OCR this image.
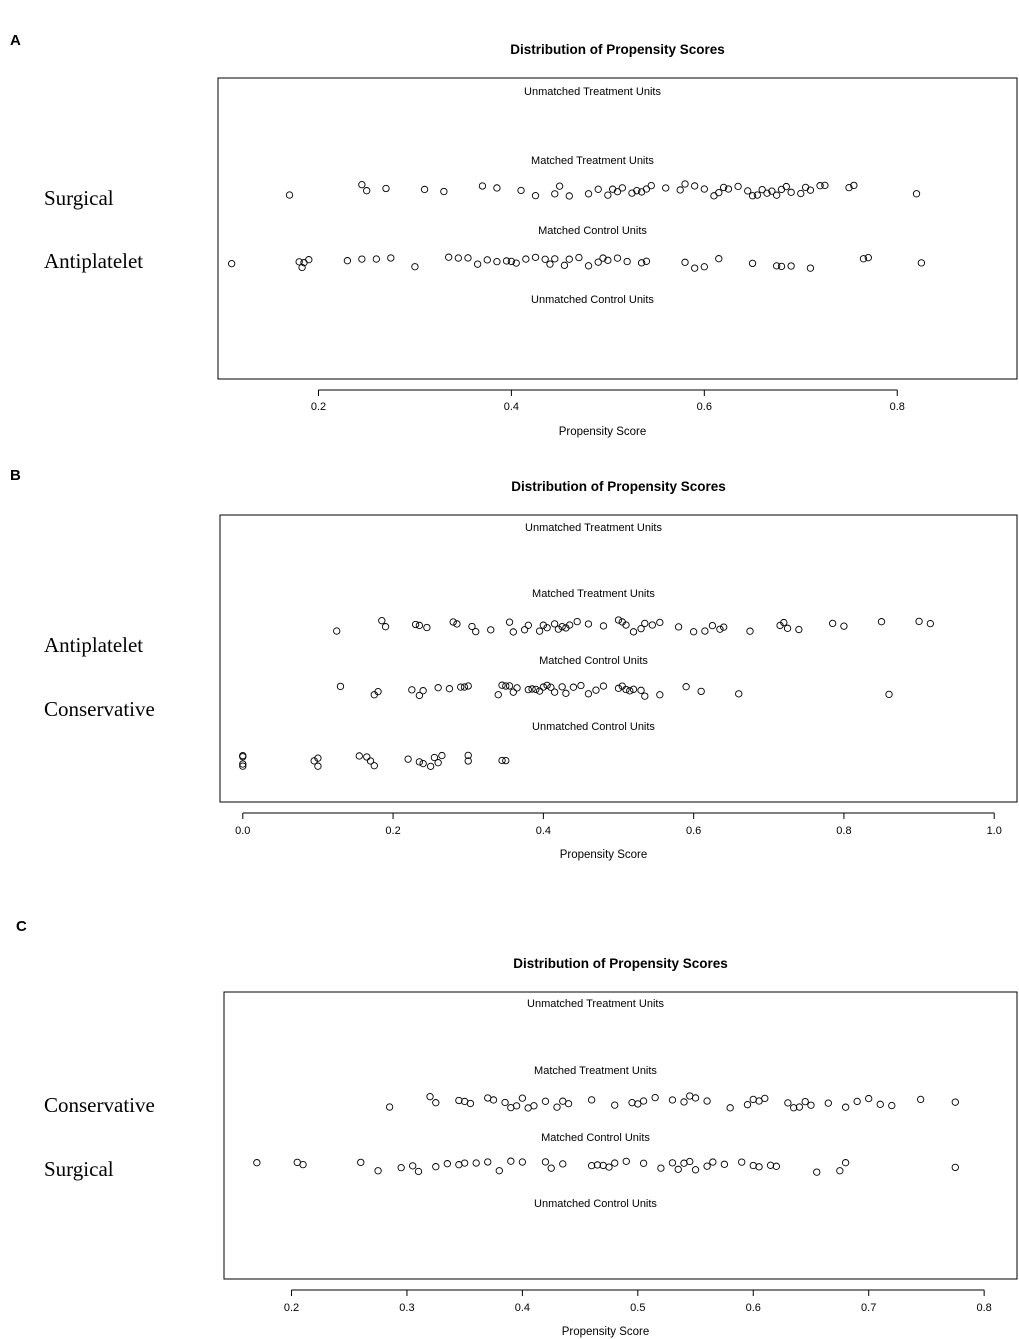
A
Distribution of Propensity Scores
Unmatched Treatment Units
Matched Treatment Units
Matched Control Units
Unmatched Control Units
Surgical
Antiplatelet
0.2	0.4	0.6	0.8
Propensity Score
B
Distribution of Propensity Scores
Unmatched Treatment Units
Matched Treatment Units
Matched Control Units
Unmatched Control Units
Antiplatelet
Conservative
0.0	0.2	0.4	0.6	0.8	1.0
Propensity Score
C
Distribution of Propensity Scores
Unmatched Treatment Units
Matched Treatment Units
Matched Control Units
Unmatched Control Units
Conservative
Surgical
0.2	0.3	0.4	0.5	0.6	0.7	0.8
Propensity Score
